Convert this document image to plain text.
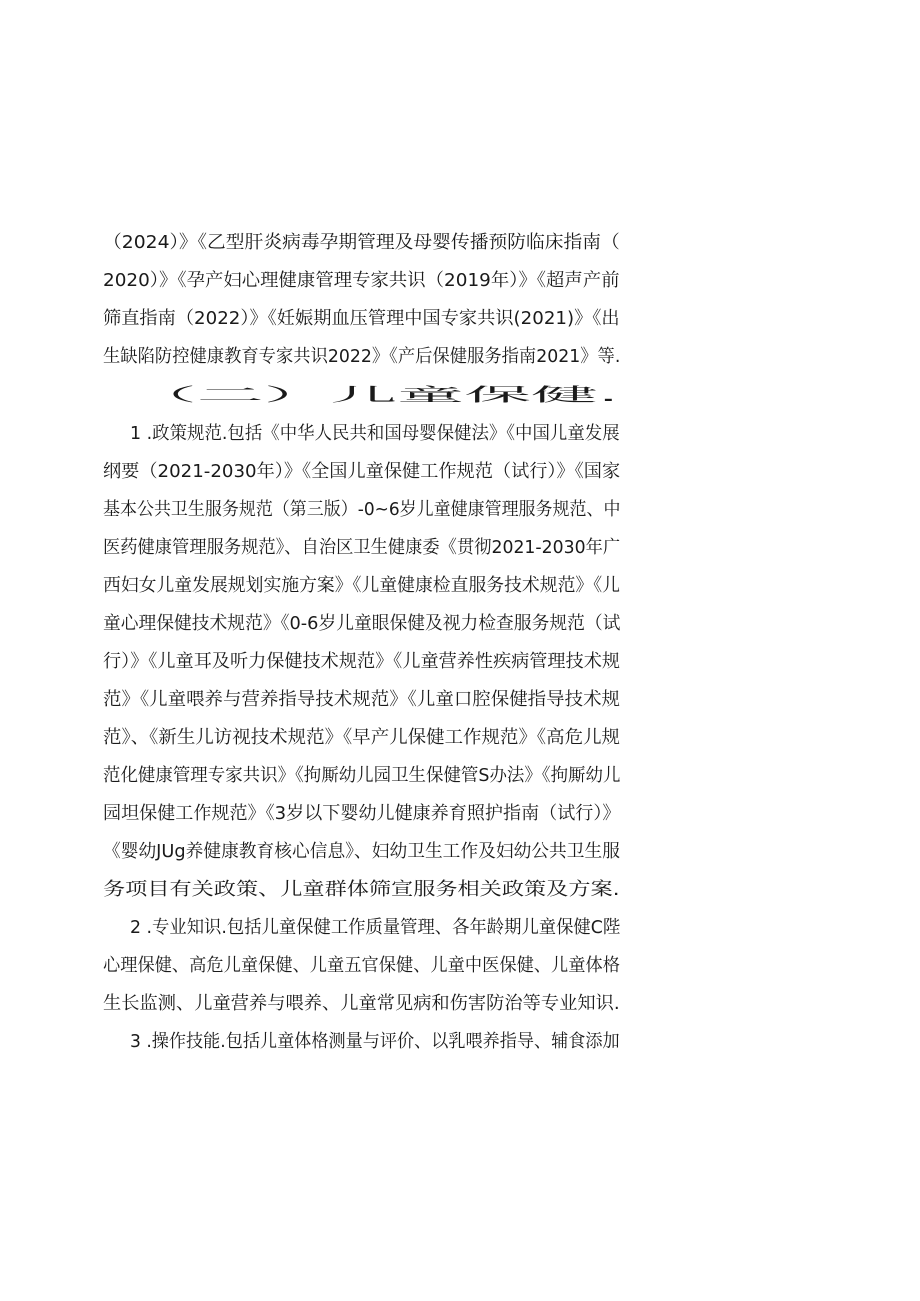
（2024）》《乙型肝炎病毒孕期管理及母婴传播预防临床指南（
2020）》《孕产妇心理健康管理专家共识（2019年）》《超声产前
筛直指南（2022）》《妊娠期血压管理中国专家共识(2021)》《出
生缺陷防控健康教育专家共识2022》《产后保健服务指南2021》等.
（二）儿童保健.
1 .政策规范.包括《中华人民共和国母婴保健法》《中国儿童发展
纲要（2021-2030年）》《全国儿童保健工作规范（试行）》《国家
基本公共卫生服务规范（第三版）-0~6岁儿童健康管理服务规范、中
医药健康管理服务规范》、自治区卫生健康委《贯彻2021-2030年广
西妇女儿童发展规划实施方案》《儿童健康检直服务技术规范》《儿
童心理保健技术规范》《0-6岁儿童眼保健及视力检查服务规范（试
行）》《儿童耳及听力保健技术规范》《儿童营养性疾病管理技术规
范》《儿童喂养与营养指导技术规范》《儿童口腔保健指导技术规
范》、《新生儿访视技术规范》《早产儿保健工作规范》《高危儿规
范化健康管理专家共识》《拘厮幼儿园卫生保健管S办法》《拘厮幼儿
园坦保健工作规范》《3岁以下婴幼儿健康养育照护指南（试行）》
《婴幼JUg养健康教育核心信息》、妇幼卫生工作及妇幼公共卫生服
务项目有关政策、儿童群体筛宣服务相关政策及方案.
2 .专业知识.包括儿童保健工作质量管理、各年龄期儿童保健C陛
心理保健、高危儿童保健、儿童五官保健、儿童中医保健、儿童体格
生长监测、儿童营养与喂养、儿童常见病和伤害防治等专业知识.
3 .操作技能.包括儿童体格测量与评价、以乳喂养指导、辅食添加
